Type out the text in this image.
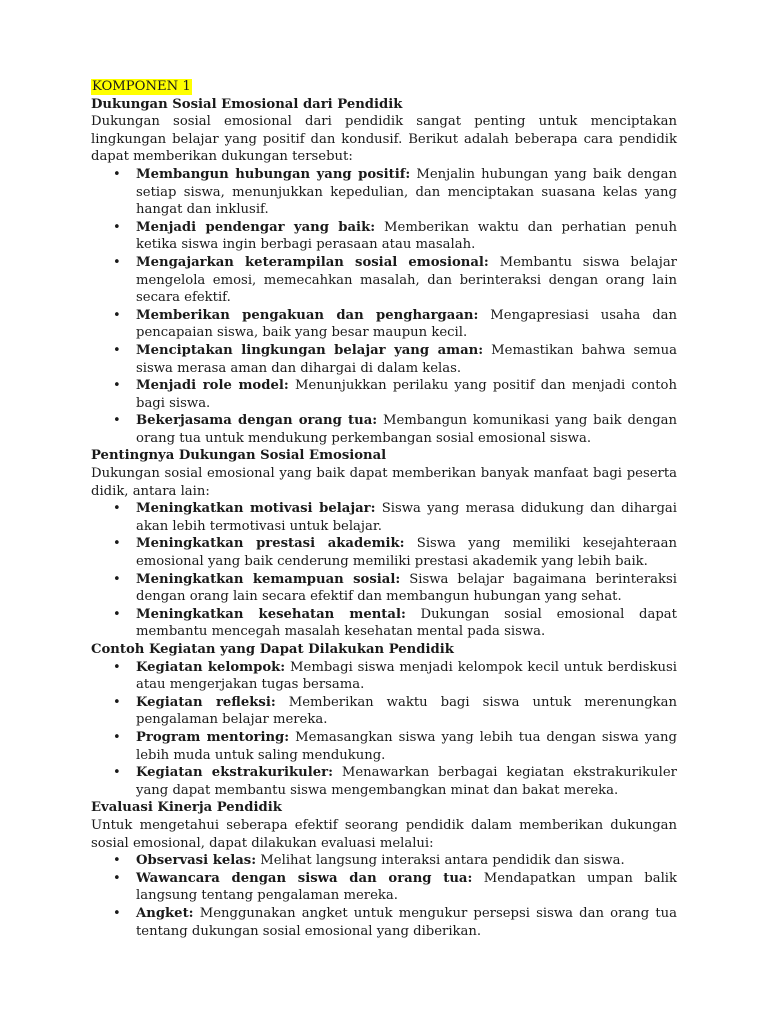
KOMPONEN 1
Dukungan Sosial Emosional dari Pendidik

Dukungan sosial emosional dari pendidik sangat penting untuk menciptakan lingkungan belajar yang positif dan kondusif. Berikut adalah beberapa cara pendidik dapat memberikan dukungan tersebut:

• Membangun hubungan yang positif: Menjalin hubungan yang baik dengan setiap siswa, menunjukkan kepedulian, dan menciptakan suasana kelas yang hangat dan inklusif.
• Menjadi pendengar yang baik: Memberikan waktu dan perhatian penuh ketika siswa ingin berbagi perasaan atau masalah.
• Mengajarkan keterampilan sosial emosional: Membantu siswa belajar mengelola emosi, memecahkan masalah, dan berinteraksi dengan orang lain secara efektif.
• Memberikan pengakuan dan penghargaan: Mengapresiasi usaha dan pencapaian siswa, baik yang besar maupun kecil.
• Menciptakan lingkungan belajar yang aman: Memastikan bahwa semua siswa merasa aman dan dihargai di dalam kelas.
• Menjadi role model: Menunjukkan perilaku yang positif dan menjadi contoh bagi siswa.
• Bekerjasama dengan orang tua: Membangun komunikasi yang baik dengan orang tua untuk mendukung perkembangan sosial emosional siswa.
Pentingnya Dukungan Sosial Emosional

Dukungan sosial emosional yang baik dapat memberikan banyak manfaat bagi peserta didik, antara lain:

• Meningkatkan motivasi belajar: Siswa yang merasa didukung dan dihargai akan lebih termotivasi untuk belajar.
• Meningkatkan prestasi akademik: Siswa yang memiliki kesejahteraan emosional yang baik cenderung memiliki prestasi akademik yang lebih baik.
• Meningkatkan kemampuan sosial: Siswa belajar bagaimana berinteraksi dengan orang lain secara efektif dan membangun hubungan yang sehat.
• Meningkatkan kesehatan mental: Dukungan sosial emosional dapat membantu mencegah masalah kesehatan mental pada siswa.
Contoh Kegiatan yang Dapat Dilakukan Pendidik
• Kegiatan kelompok: Membagi siswa menjadi kelompok kecil untuk berdiskusi atau mengerjakan tugas bersama.
• Kegiatan refleksi: Memberikan waktu bagi siswa untuk merenungkan pengalaman belajar mereka.
• Program mentoring: Memasangkan siswa yang lebih tua dengan siswa yang lebih muda untuk saling mendukung.
• Kegiatan ekstrakurikuler: Menawarkan berbagai kegiatan ekstrakurikuler yang dapat membantu siswa mengembangkan minat dan bakat mereka.
Evaluasi Kinerja Pendidik

Untuk mengetahui seberapa efektif seorang pendidik dalam memberikan dukungan sosial emosional, dapat dilakukan evaluasi melalui:

• Observasi kelas: Melihat langsung interaksi antara pendidik dan siswa.
• Wawancara dengan siswa dan orang tua: Mendapatkan umpan balik langsung tentang pengalaman mereka.
• Angket: Menggunakan angket untuk mengukur persepsi siswa dan orang tua tentang dukungan sosial emosional yang diberikan.
